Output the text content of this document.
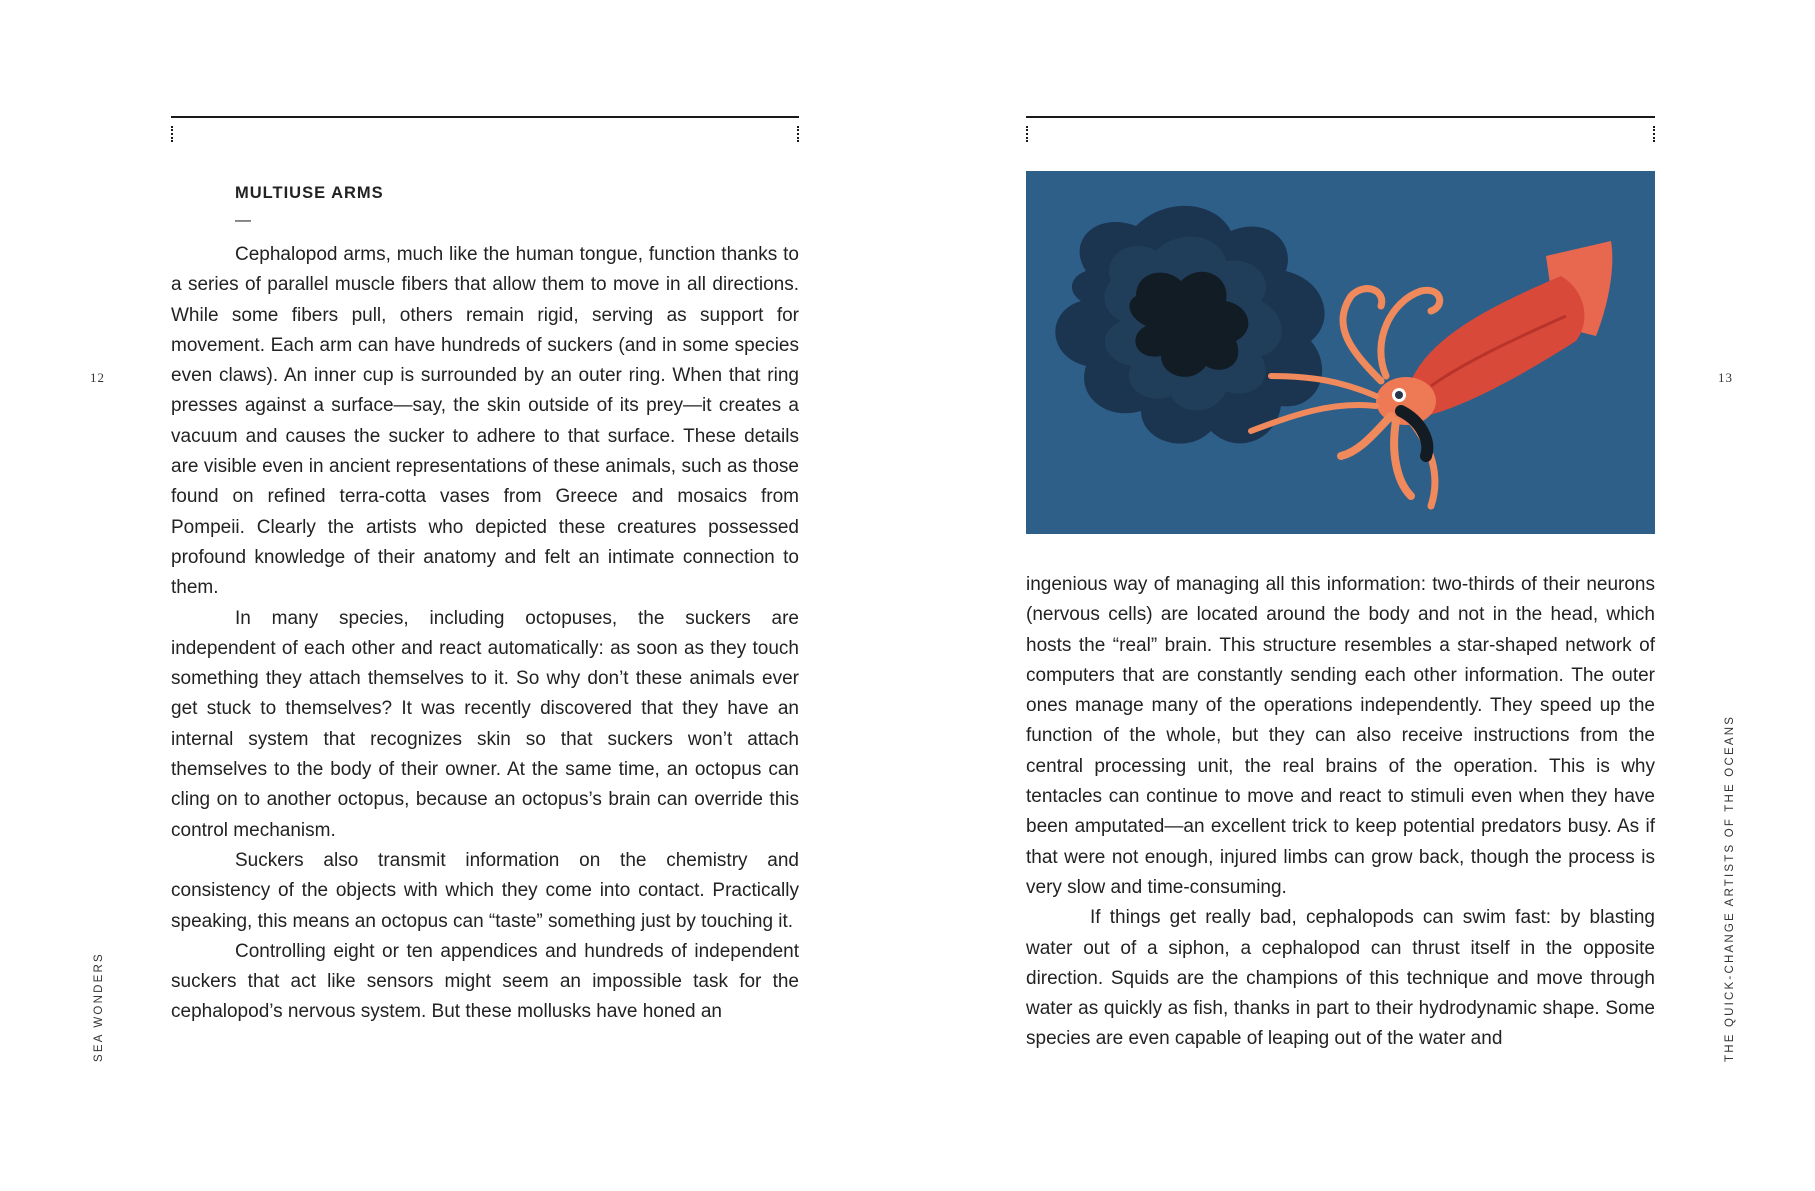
12
SEA WONDERS
MULTIUSE ARMS
—

Cephalopod arms, much like the human tongue, function thanks to a series of parallel muscle fibers that allow them to move in all directions. While some fibers pull, others remain rigid, serving as support for movement. Each arm can have hundreds of suckers (and in some species even claws). An inner cup is surrounded by an outer ring. When that ring presses against a surface—say, the skin outside of its prey—it creates a vacuum and causes the sucker to adhere to that surface. These details are visible even in ancient representations of these animals, such as those found on refined terra-cotta vases from Greece and mosaics from Pompeii. Clearly the artists who depicted these creatures possessed profound knowledge of their anatomy and felt an intimate connection to them.

In many species, including octopuses, the suckers are independent of each other and react automatically: as soon as they touch something they attach themselves to it. So why don’t these animals ever get stuck to themselves? It was recently discovered that they have an internal system that recognizes skin so that suckers won’t attach themselves to the body of their owner. At the same time, an octopus can cling on to another octopus, because an octopus’s brain can override this control mechanism.

Suckers also transmit information on the chemistry and consistency of the objects with which they come into contact. Practically speaking, this means an octopus can “taste” something just by touching it.

Controlling eight or ten appendices and hundreds of independent suckers that act like sensors might seem an impossible task for the cephalopod’s nervous system. But these mollusks have honed an

13
THE QUICK-CHANGE ARTISTS OF THE OCEANS

ingenious way of managing all this information: two-thirds of their neurons (nervous cells) are located around the body and not in the head, which hosts the “real” brain. This structure resembles a star-shaped network of computers that are constantly sending each other information. The outer ones manage many of the operations independently. They speed up the function of the whole, but they can also receive instructions from the central processing unit, the real brains of the operation. This is why tentacles can continue to move and react to stimuli even when they have been amputated—an excellent trick to keep potential predators busy. As if that were not enough, injured limbs can grow back, though the process is very slow and time-consuming.

If things get really bad, cephalopods can swim fast: by blasting water out of a siphon, a cephalopod can thrust itself in the opposite direction. Squids are the champions of this technique and move through water as quickly as fish, thanks in part to their hydrodynamic shape. Some species are even capable of leaping out of the water and
